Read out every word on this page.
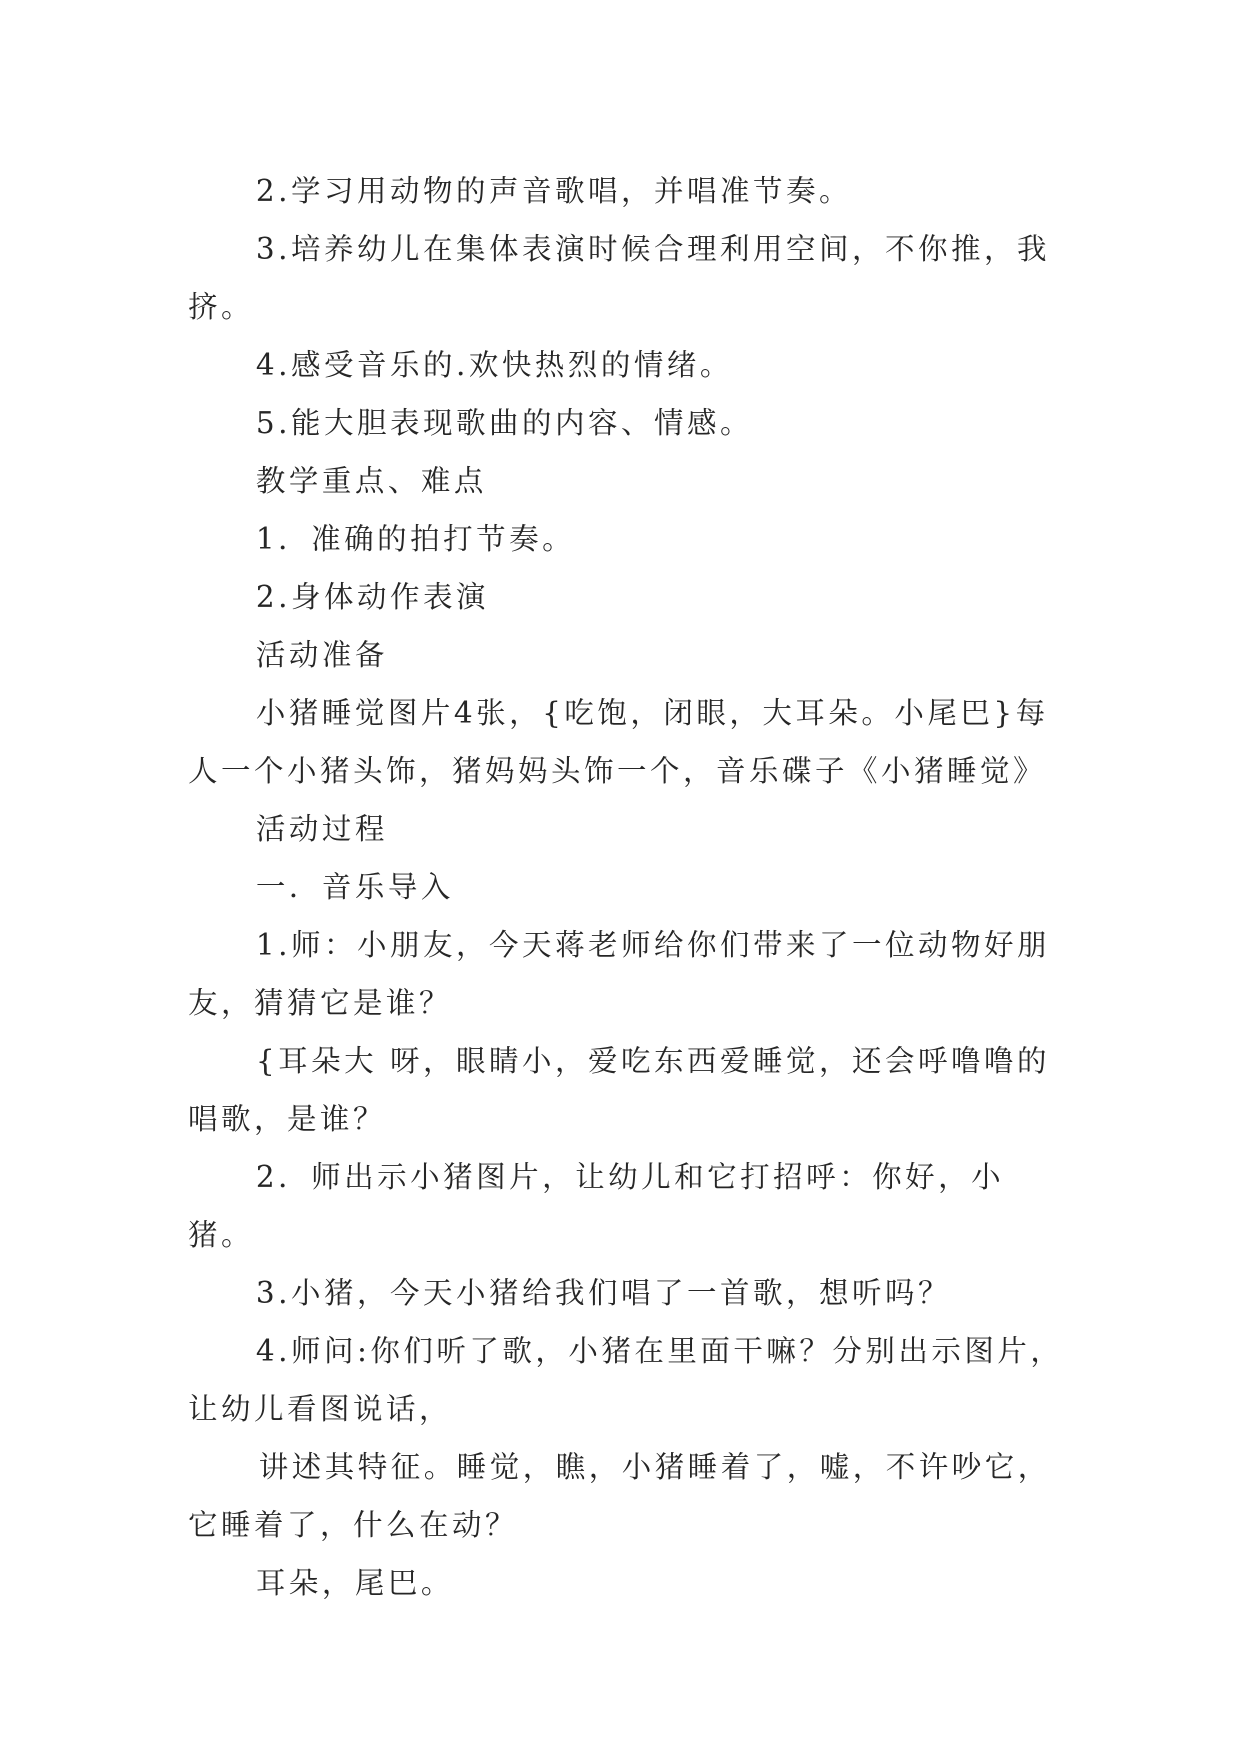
2.学习用动物的声音歌唱，并唱准节奏。

3.培养幼儿在集体表演时候合理利用空间，不你推，我挤。

4.感受音乐的.欢快热烈的情绪。

5.能大胆表现歌曲的内容、情感。

教学重点、难点

1．准确的拍打节奏。

2.身体动作表演

活动准备

小猪睡觉图片4张，{吃饱，闭眼，大耳朵。小尾巴}每人一个小猪头饰，猪妈妈头饰一个，音乐碟子《小猪睡觉》

活动过程

一．音乐导入

1.师：小朋友，今天蒋老师给你们带来了一位动物好朋友，猜猜它是谁？

{耳朵大 呀，眼睛小，爱吃东西爱睡觉，还会呼噜噜的唱歌，是谁？

2．师出示小猪图片，让幼儿和它打招呼：你好，小猪。

3.小猪，今天小猪给我们唱了一首歌，想听吗？

4.师问:你们听了歌，小猪在里面干嘛？分别出示图片，让幼儿看图说话，

讲述其特征。睡觉，瞧，小猪睡着了，嘘，不许吵它，它睡着了，什么在动？

耳朵，尾巴。
